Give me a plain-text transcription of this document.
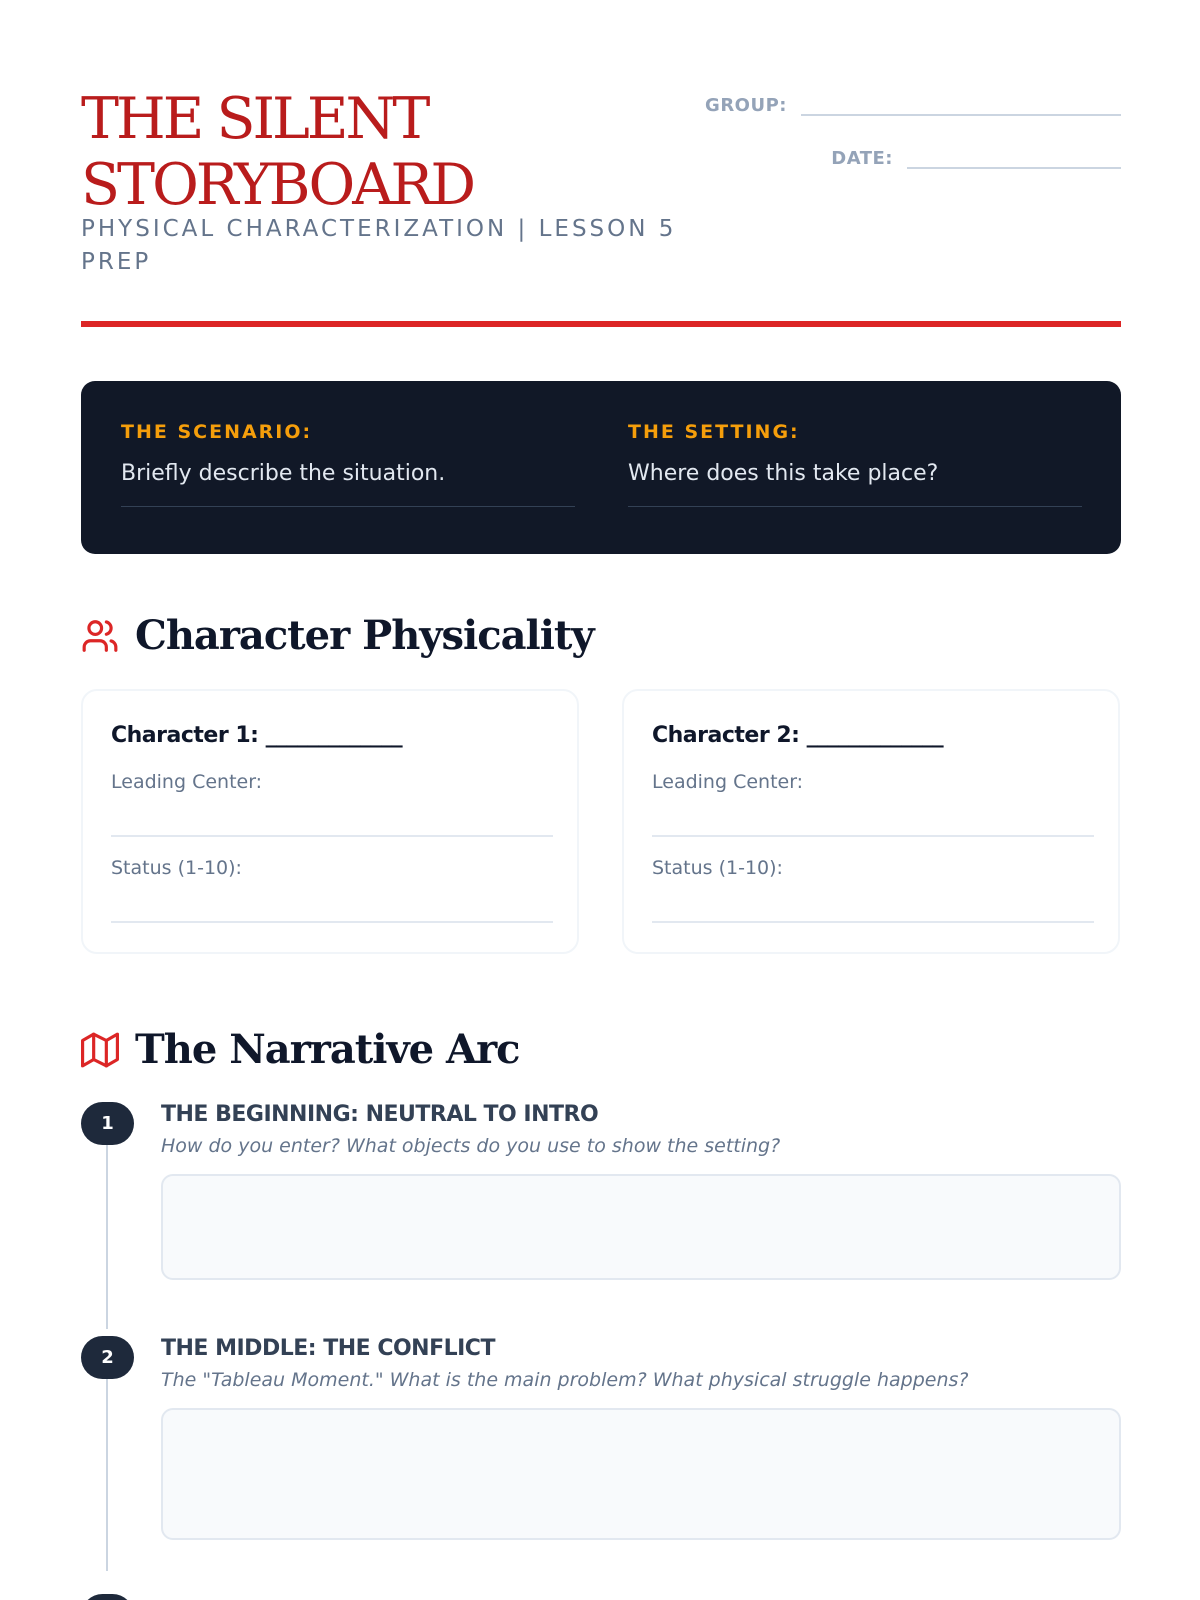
THE SILENT STORYBOARD
PHYSICAL CHARACTERIZATION | LESSON 5 PREP
GROUP:
DATE:
THE SCENARIO:
Briefly describe the situation.
THE SETTING:
Where does this take place?
Character Physicality
Character 1: _____________
Leading Center:
Status (1-10):
Character 2: _____________
Leading Center:
Status (1-10):
The Narrative Arc
1	THE BEGINNING: NEUTRAL TO INTRO
How do you enter? What objects do you use to show the setting?
2	THE MIDDLE: THE CONFLICT
The "Tableau Moment." What is the main problem? What physical struggle happens?
